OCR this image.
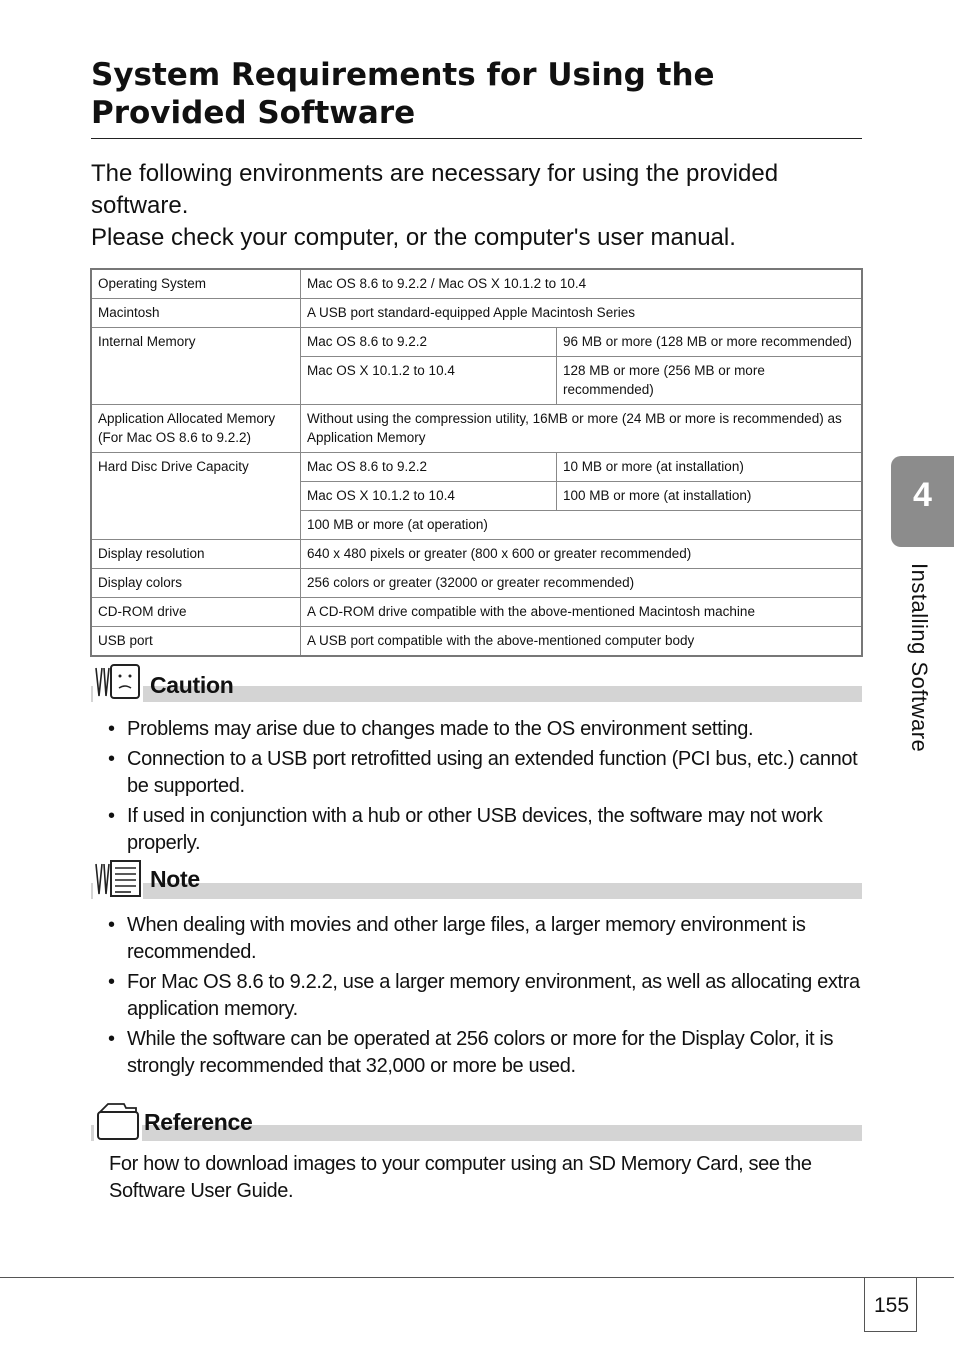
System Requirements for Using the
Provided Software

The following environments are necessary for using the provided software.

Please check your computer, or the computer's user manual.

Operating System	Mac OS 8.6 to 9.2.2 / Mac OS X 10.1.2 to 10.4	
Macintosh	A USB port standard-equipped Apple Macintosh Series	
Internal Memory	Mac OS 8.6 to 9.2.2	96 MB or more (128 MB or more recommended)
	Mac OS X 10.1.2 to 10.4	128 MB or more (256 MB or more recommended)
Application Allocated Memory
(For Mac OS 8.6 to 9.2.2)	Without using the compression utility, 16MB or more (24 MB or more is recommended) as Application Memory	
Hard Disc Drive Capacity	Mac OS 8.6 to 9.2.2	10 MB or more (at installation)
	Mac OS X 10.1.2 to 10.4	100 MB or more (at installation)
	100 MB or more (at operation)	
Display resolution	640 x 480 pixels or greater (800 x 600 or greater recommended)	
Display colors	256 colors or greater (32000 or greater recommended)	
CD-ROM drive	A CD-ROM drive compatible with the above-mentioned Macintosh machine	
USB port	A USB port compatible with the above-mentioned computer body	
Caution
• Problems may arise due to changes made to the OS environment setting.
• Connection to a USB port retrofitted using an extended function (PCI bus, etc.) cannot be supported.
• If used in conjunction with a hub or other USB devices, the software may not work properly.
Note
• When dealing with movies and other large files, a larger memory environment is recommended.
• For Mac OS 8.6 to 9.2.2, use a larger memory environment, as well as allocating extra application memory.
• While the software can be operated at 256 colors or more for the Display Color, it is strongly recommended that 32,000 or more be used.
Reference

For how to download images to your computer using an SD Memory Card, see the Software User Guide.

4
Installing Software
155
